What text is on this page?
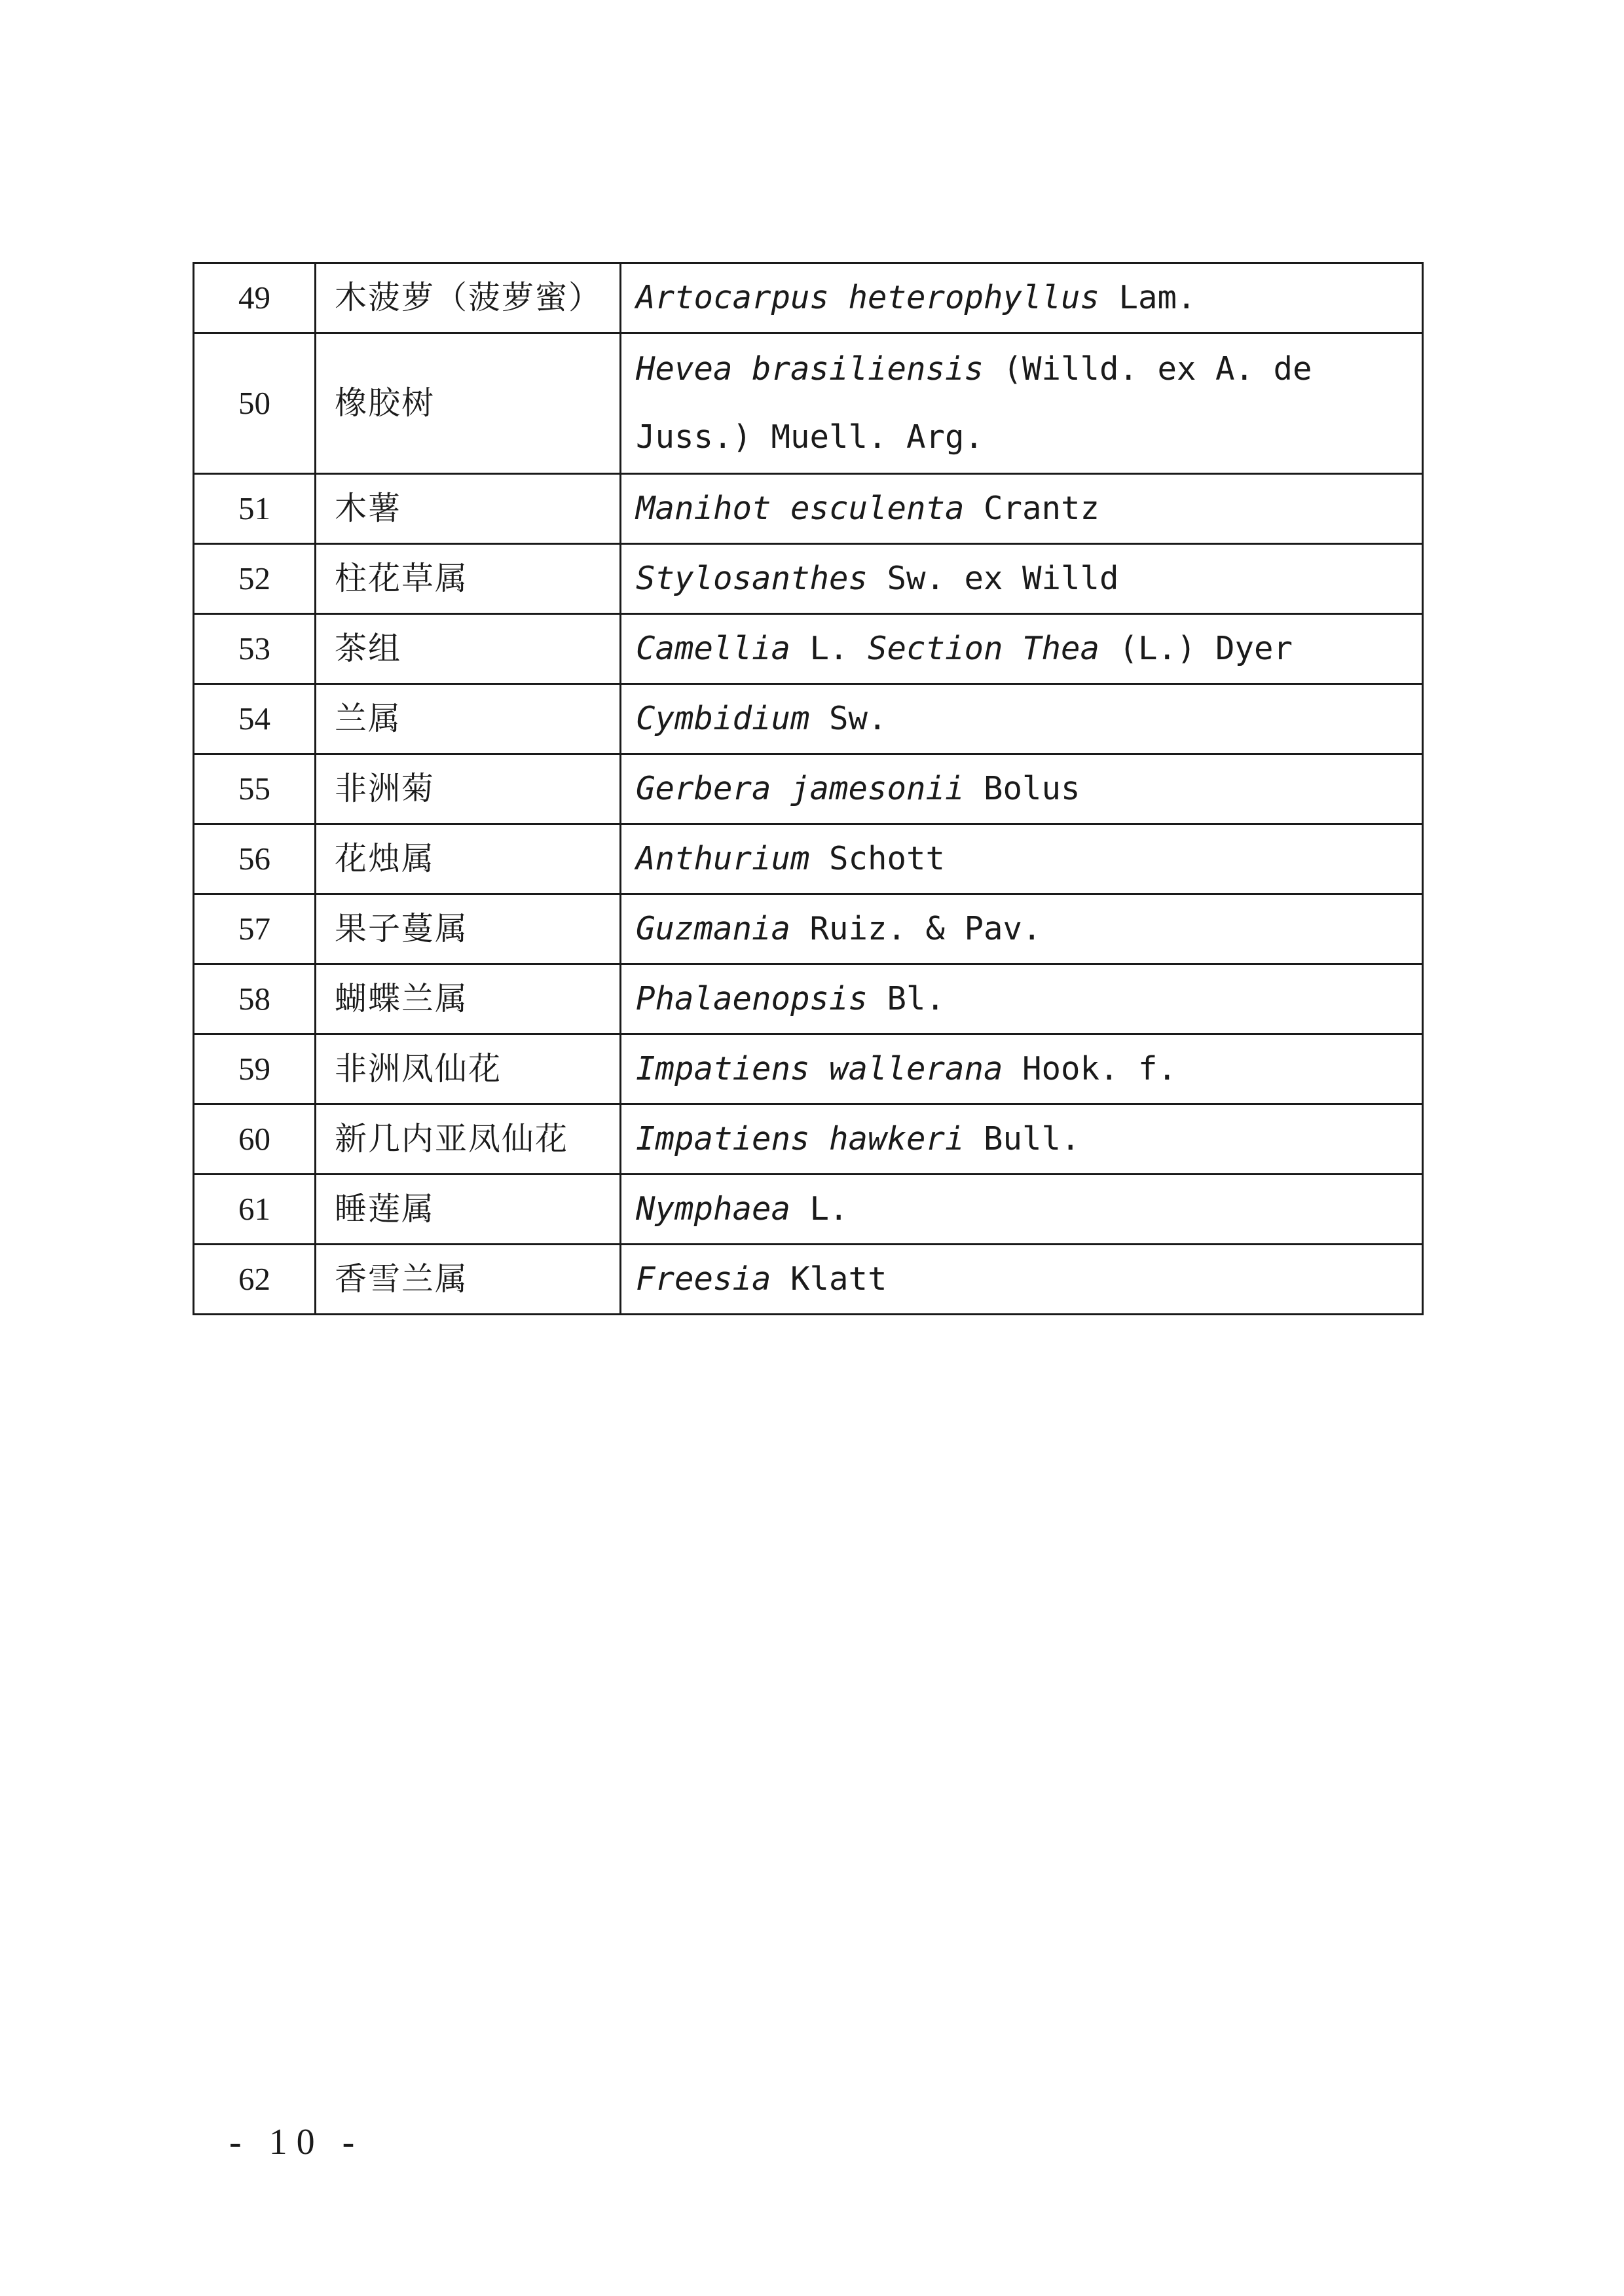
49	木菠萝（菠萝蜜）	Artocarpus heterophyllus Lam.
50	橡胶树	Hevea brasiliensis (Willd. ex A. de Juss.) Muell. Arg.
51	木薯	Manihot esculenta Crantz
52	柱花草属	Stylosanthes Sw. ex Willd
53	茶组	Camellia L. Section Thea (L.) Dyer
54	兰属	Cymbidium Sw.
55	非洲菊	Gerbera jamesonii Bolus
56	花烛属	Anthurium Schott
57	果子蔓属	Guzmania Ruiz. & Pav.
58	蝴蝶兰属	Phalaenopsis Bl.
59	非洲凤仙花	Impatiens wallerana Hook. f.
60	新几内亚凤仙花	Impatiens hawkeri Bull.
61	睡莲属	Nymphaea L.
62	香雪兰属	Freesia Klatt
- 10 -
